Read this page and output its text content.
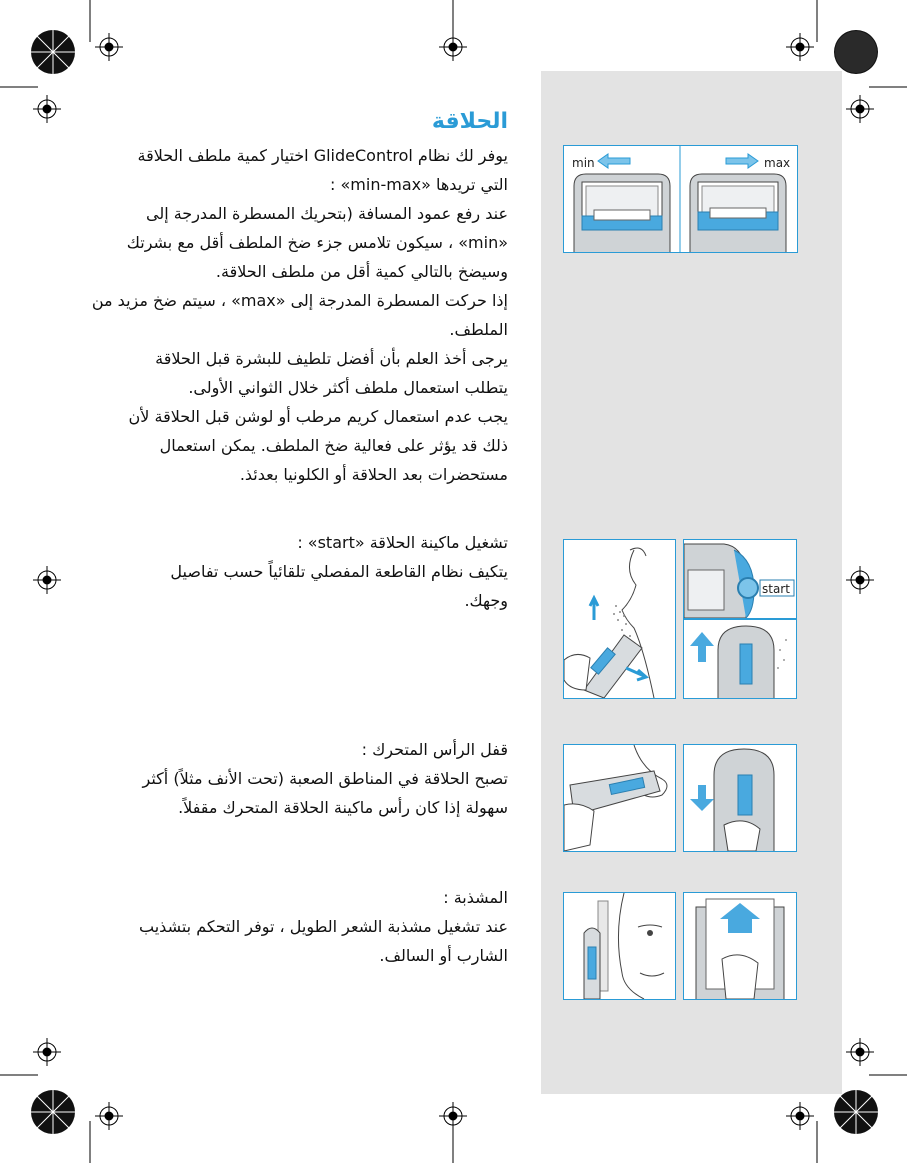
الحلاقة

يوفر لك نظام GlideControl اختيار كمية ملطف الحلاقة
التي تريدها «min-max» :
عند رفع عمود المسافة (بتحريك المسطرة المدرجة إلى
«min» ، سيكون تلامس جزء ضخ الملطف أقل مع بشرتك
وسيضخ بالتالي كمية أقل من ملطف الحلاقة.
إذا حركت المسطرة المدرجة إلى «max» ، سيتم ضخ مزيد من
الملطف.
يرجى أخذ العلم بأن أفضل تلطيف للبشرة قبل الحلاقة
يتطلب استعمال ملطف أكثر خلال الثواني الأولى.
يجب عدم استعمال كريم مرطب أو لوشن قبل الحلاقة لأن
ذلك قد يؤثر على فعالية ضخ الملطف. يمكن استعمال
مستحضرات بعد الحلاقة أو الكلونيا بعدئذ.

تشغيل ماكينة الحلاقة «start» :
يتكيف نظام القاطعة المفصلي تلقائياً حسب تفاصيل
وجهك.
قفل الرأس المتحرك :
تصبح الحلاقة في المناطق الصعبة (تحت الأنف مثلاً) أكثر
سهولة إذا كان رأس ماكينة الحلاقة المتحرك مقفلاً.
المشذبة :
عند تشغيل مشذبة الشعر الطويل ، توفر التحكم بتشذيب
الشارب أو السالف.
min	max
start
